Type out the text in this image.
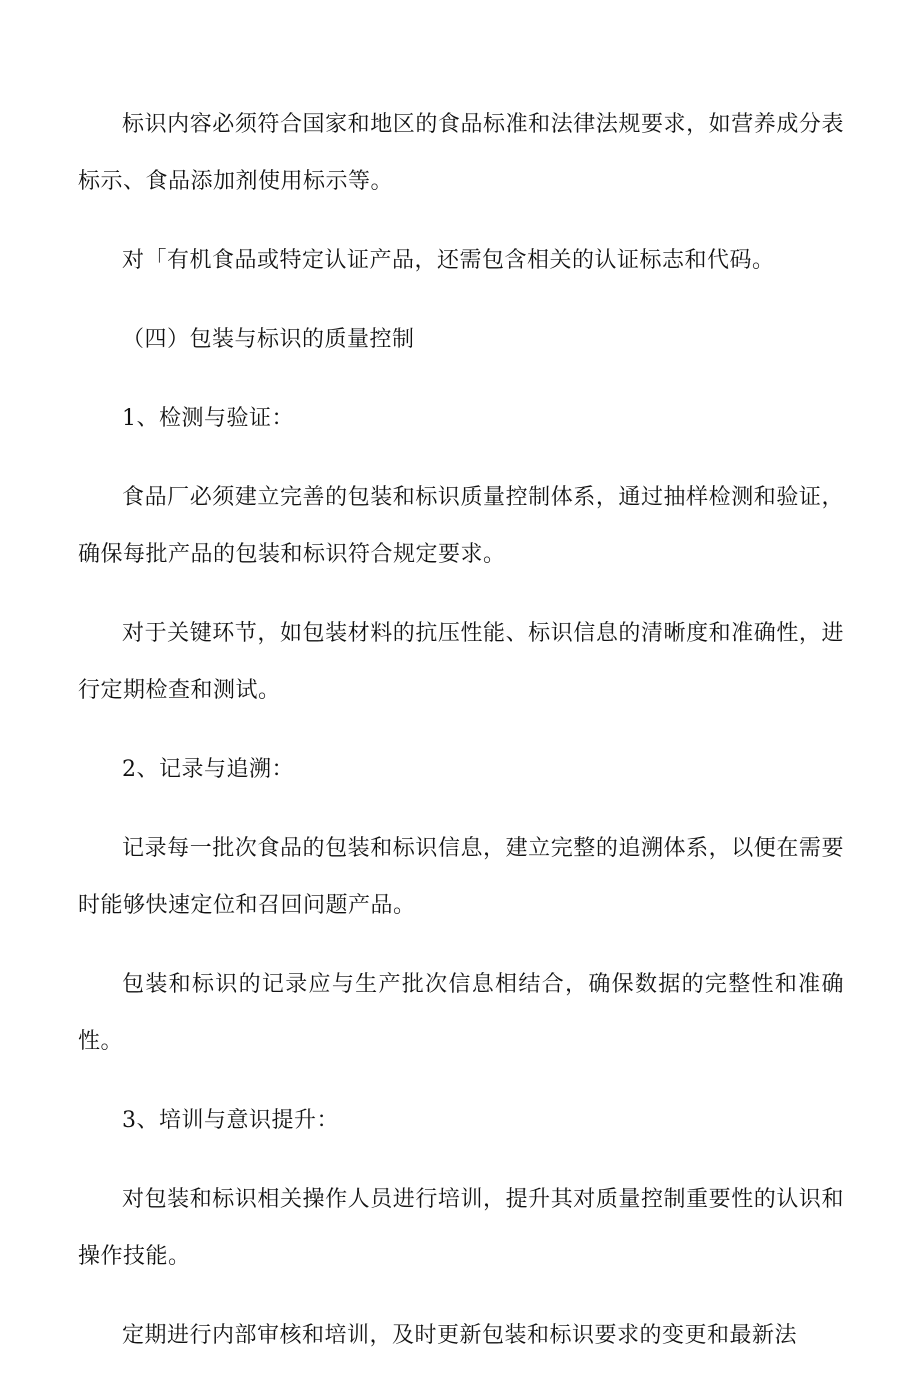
标识内容必须符合国家和地区的食品标准和法律法规要求，如营养成分表标示、食品添加剂使用标示等。

对「有机食品或特定认证产品，还需包含相关的认证标志和代码。

（四）包装与标识的质量控制

1、检测与验证：

食品厂必须建立完善的包装和标识质量控制体系，通过抽样检测和验证，确保每批产品的包装和标识符合规定要求。

对于关键环节，如包装材料的抗压性能、标识信息的清晰度和准确性，进行定期检查和测试。

2、记录与追溯：

记录每一批次食品的包装和标识信息，建立完整的追溯体系，以便在需要时能够快速定位和召回问题产品。

包装和标识的记录应与生产批次信息相结合，确保数据的完整性和准确性。

3、培训与意识提升：

对包装和标识相关操作人员进行培训，提升其对质量控制重要性的认识和操作技能。

定期进行内部审核和培训，及时更新包装和标识要求的变更和最新法
